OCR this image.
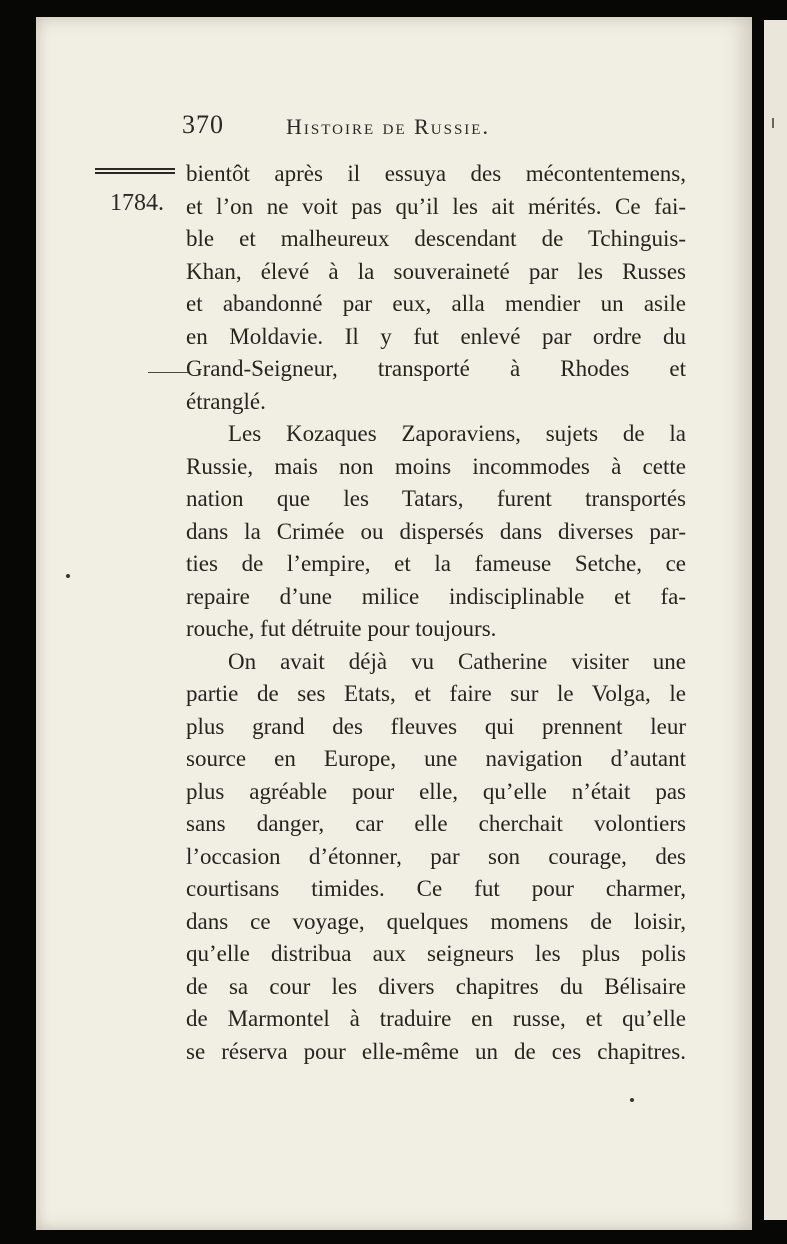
370	Histoire de Russie.
1784.
bientôt après il essuya des mécontentemens,
et l’on ne voit pas qu’il les ait mérités. Ce fai-
ble et malheureux descendant de Tchinguis-
Khan, élevé à la souveraineté par les Russes
et abandonné par eux, alla mendier un asile
en Moldavie. Il y fut enlevé par ordre du
Grand-Seigneur, transporté à Rhodes et
étranglé.
Les Kozaques Zaporaviens, sujets de la
Russie, mais non moins incommodes à cette
nation que les Tatars, furent transportés
dans la Crimée ou dispersés dans diverses par-
ties de l’empire, et la fameuse Setche, ce
repaire d’une milice indisciplinable et fa-
rouche, fut détruite pour toujours.
On avait déjà vu Catherine visiter une
partie de ses Etats, et faire sur le Volga, le
plus grand des fleuves qui prennent leur
source en Europe, une navigation d’autant
plus agréable pour elle, qu’elle n’était pas
sans danger, car elle cherchait volontiers
l’occasion d’étonner, par son courage, des
courtisans timides. Ce fut pour charmer,
dans ce voyage, quelques momens de loisir,
qu’elle distribua aux seigneurs les plus polis
de sa cour les divers chapitres du Bélisaire
de Marmontel à traduire en russe, et qu’elle
se réserva pour elle-même un de ces chapitres.
